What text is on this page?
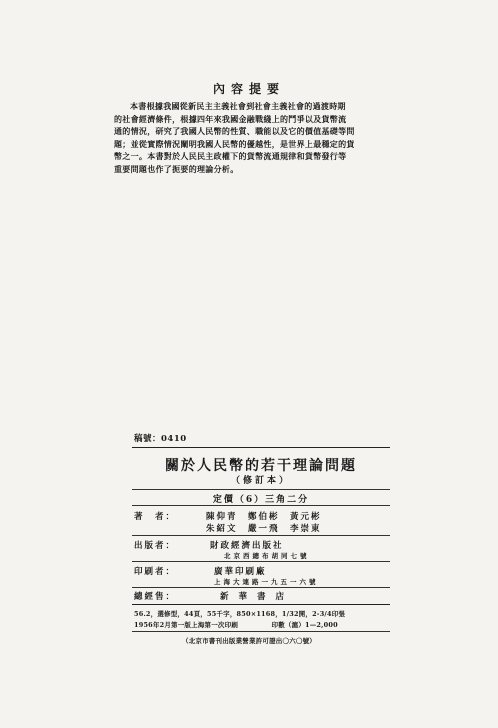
內容提要
本書根據我國從新民主主義社會到社會主義社會的過渡時期
的社會經濟條件，根據四年來我國金融戰綫上的鬥爭以及貨幣流
通的情況，研究了我國人民幣的性質、職能以及它的價值基礎等問
題；並從實際情況闡明我國人民幣的優越性，是世界上最穩定的貨
幣之一。本書對於人民民主政權下的貨幣流通規律和貨幣發行等
重要問題也作了扼要的理論分析。
稿號：0410
關於人民幣的若干理論問題
（修訂本）
定價（6）三角二分
著　者：	陳仰青　鄭伯彬　黃元彬
朱紹文　嚴一飛　李崇東
出版者：	財政經濟出版社
北京西總布胡同七號
印刷者：	廣華印刷廠
上海大連路一九五一六號
總經售：	新華書店
56.2，選修型，44頁，55千字，850×1168，1/32開，2-3/4印張
1956年2月第一版上海第一次印刷　　　　　印數（滬）1—2,000
（北京市書刊出版業營業許可證出〇六〇號）
